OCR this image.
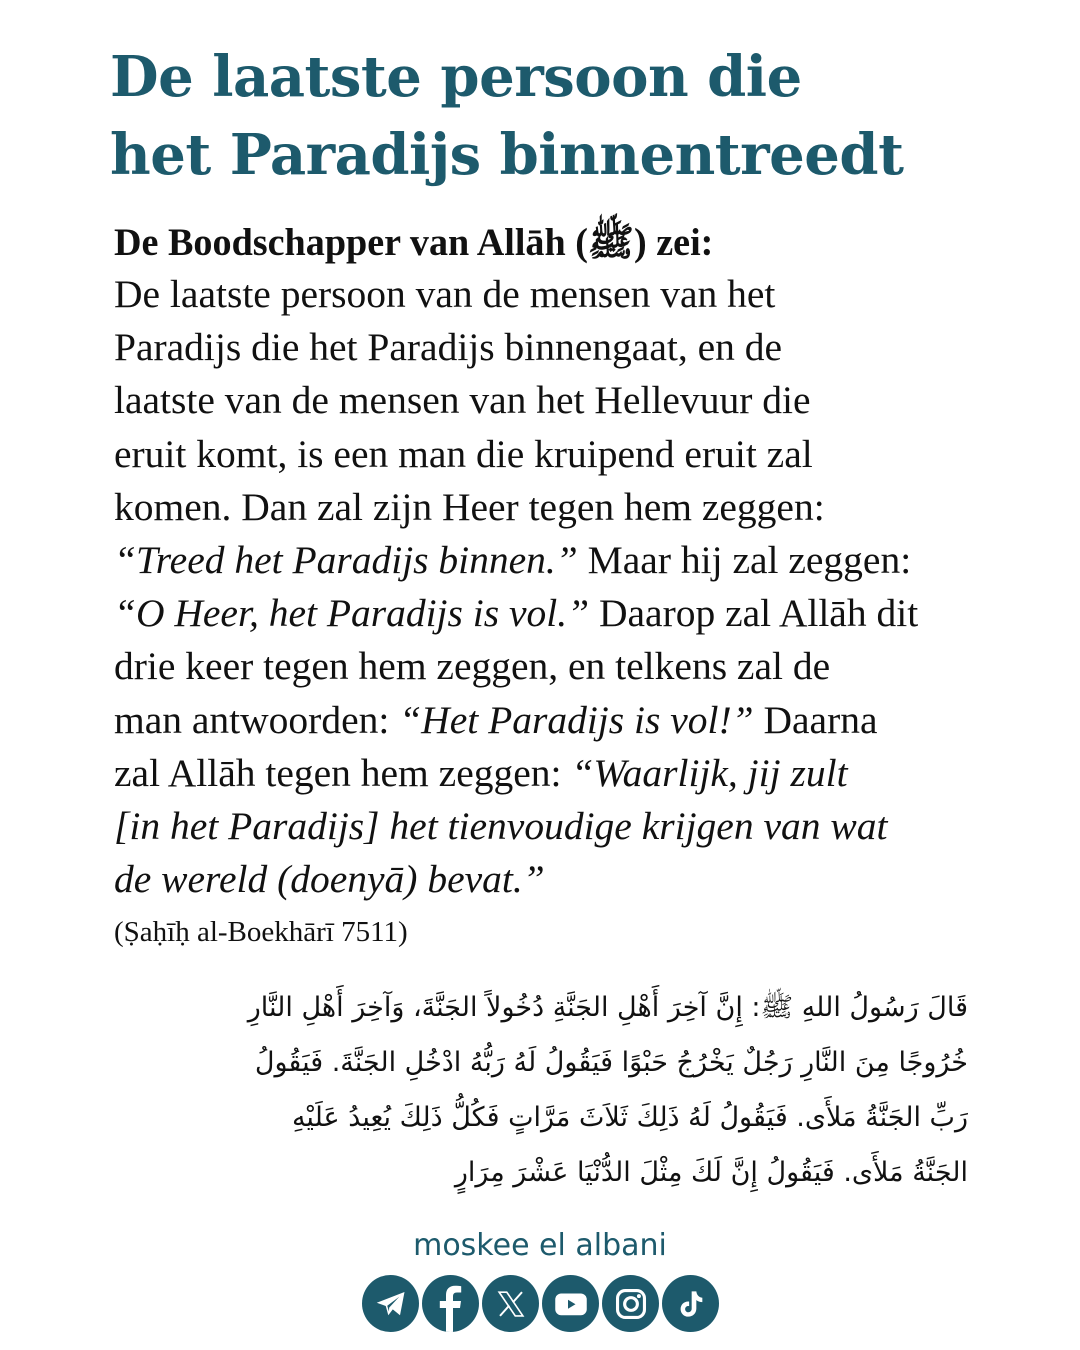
De laatste persoon die
het Paradijs binnentreedt
De Boodschapper van Allāh (ﷺ) zei:
De laatste persoon van de mensen van het
Paradijs die het Paradijs binnengaat, en de
laatste van de mensen van het Hellevuur die
eruit komt, is een man die kruipend eruit zal
komen. Dan zal zijn Heer tegen hem zeggen:
“Treed het Paradijs binnen.” Maar hij zal zeggen:
“O Heer, het Paradijs is vol.” Daarop zal Allāh dit
drie keer tegen hem zeggen, en telkens zal de
man antwoorden: “Het Paradijs is vol!” Daarna
zal Allāh tegen hem zeggen: “Waarlijk, jij zult
[in het Paradijs] het tienvoudige krijgen van wat
de wereld (doenyā) bevat.”
(Ṣaḥīḥ al-Boekhārī 7511)
قَالَ رَسُولُ اللهِ ﷺ: إِنَّ آخِرَ أَهْلِ الجَنَّةِ دُخُولاً الجَنَّةَ، وَآخِرَ أَهْلِ النَّارِ
خُرُوجًا مِنَ النَّارِ رَجُلٌ يَخْرُجُ حَبْوًا فَيَقُولُ لَهُ رَبُّهُ ادْخُلِ الجَنَّةَ. فَيَقُولُ
رَبِّ الجَنَّةُ مَلأَى. فَيَقُولُ لَهُ ذَلِكَ ثَلاَثَ مَرَّاتٍ فَكُلُّ ذَلِكَ يُعِيدُ عَلَيْهِ
الجَنَّةُ مَلأَى. فَيَقُولُ إِنَّ لَكَ مِثْلَ الدُّنْيَا عَشْرَ مِرَارٍ
moskee el albani
